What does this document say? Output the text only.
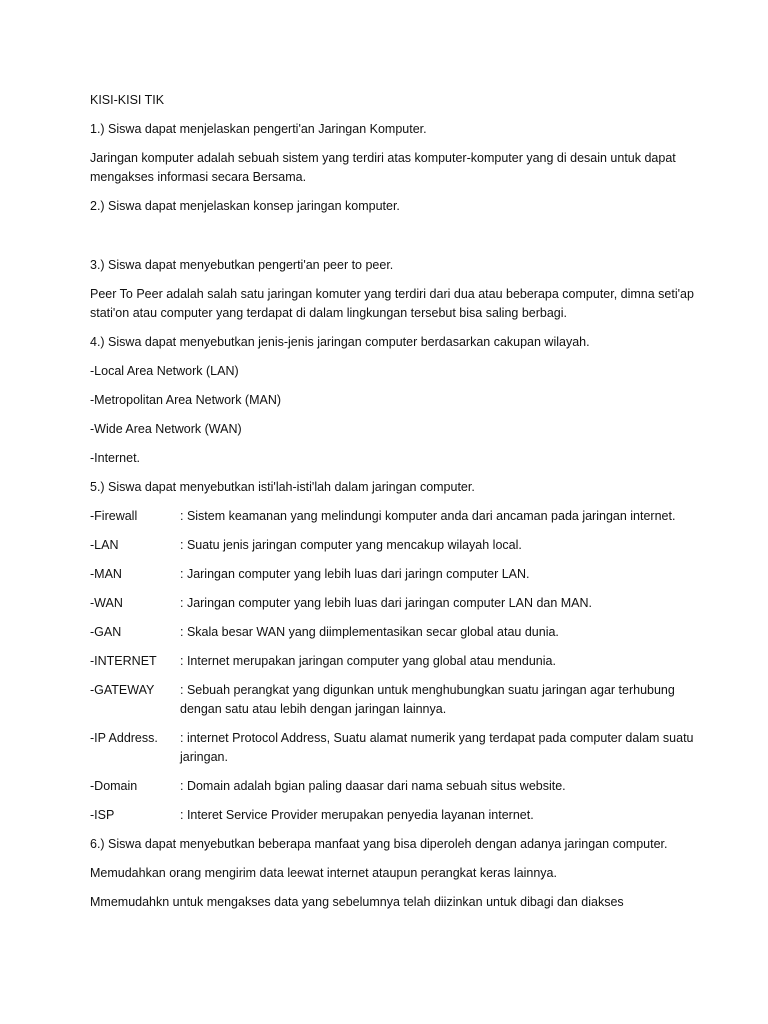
KISI-KISI TIK

1.) Siswa dapat menjelaskan pengerti'an Jaringan Komputer.

Jaringan komputer adalah sebuah sistem yang terdiri atas komputer-komputer yang di desain untuk dapat mengakses informasi secara Bersama.

2.) Siswa dapat menjelaskan konsep jaringan komputer.

3.) Siswa dapat menyebutkan pengerti'an peer to peer.

Peer To Peer adalah salah satu jaringan komuter yang terdiri dari dua atau beberapa computer, dimna seti'ap stati'on atau computer yang terdapat di dalam lingkungan tersebut bisa saling berbagi.

4.) Siswa dapat menyebutkan jenis-jenis jaringan computer berdasarkan cakupan wilayah.

-Local Area Network (LAN)

-Metropolitan Area Network (MAN)

-Wide Area Network (WAN)

-Internet.

5.) Siswa dapat menyebutkan isti'lah-isti'lah dalam jaringan computer.

-Firewall	: Sistem keamanan yang melindungi komputer anda dari ancaman pada jaringan internet.
-LAN	: Suatu jenis jaringan computer yang mencakup wilayah local.
-MAN	: Jaringan computer yang lebih luas dari jaringn computer LAN.
-WAN	: Jaringan computer yang lebih luas dari jaringan computer LAN dan MAN.
-GAN	: Skala besar WAN yang diimplementasikan secar global atau dunia.
-INTERNET	: Internet merupakan jaringan computer yang global atau mendunia.
-GATEWAY	: Sebuah perangkat yang digunkan untuk menghubungkan suatu jaringan agar terhubung dengan satu atau lebih dengan jaringan lainnya.
-IP Address.	: internet Protocol Address, Suatu alamat numerik yang terdapat pada computer dalam suatu jaringan.
-Domain	: Domain adalah bgian paling daasar dari nama sebuah situs website.
-ISP	: Interet Service Provider merupakan penyedia layanan internet.

6.) Siswa dapat menyebutkan beberapa manfaat yang bisa diperoleh dengan adanya jaringan computer.

Memudahkan orang mengirim data leewat internet ataupun perangkat keras lainnya.

Mmemudahkn untuk mengakses data yang sebelumnya telah diizinkan untuk dibagi dan diakses
